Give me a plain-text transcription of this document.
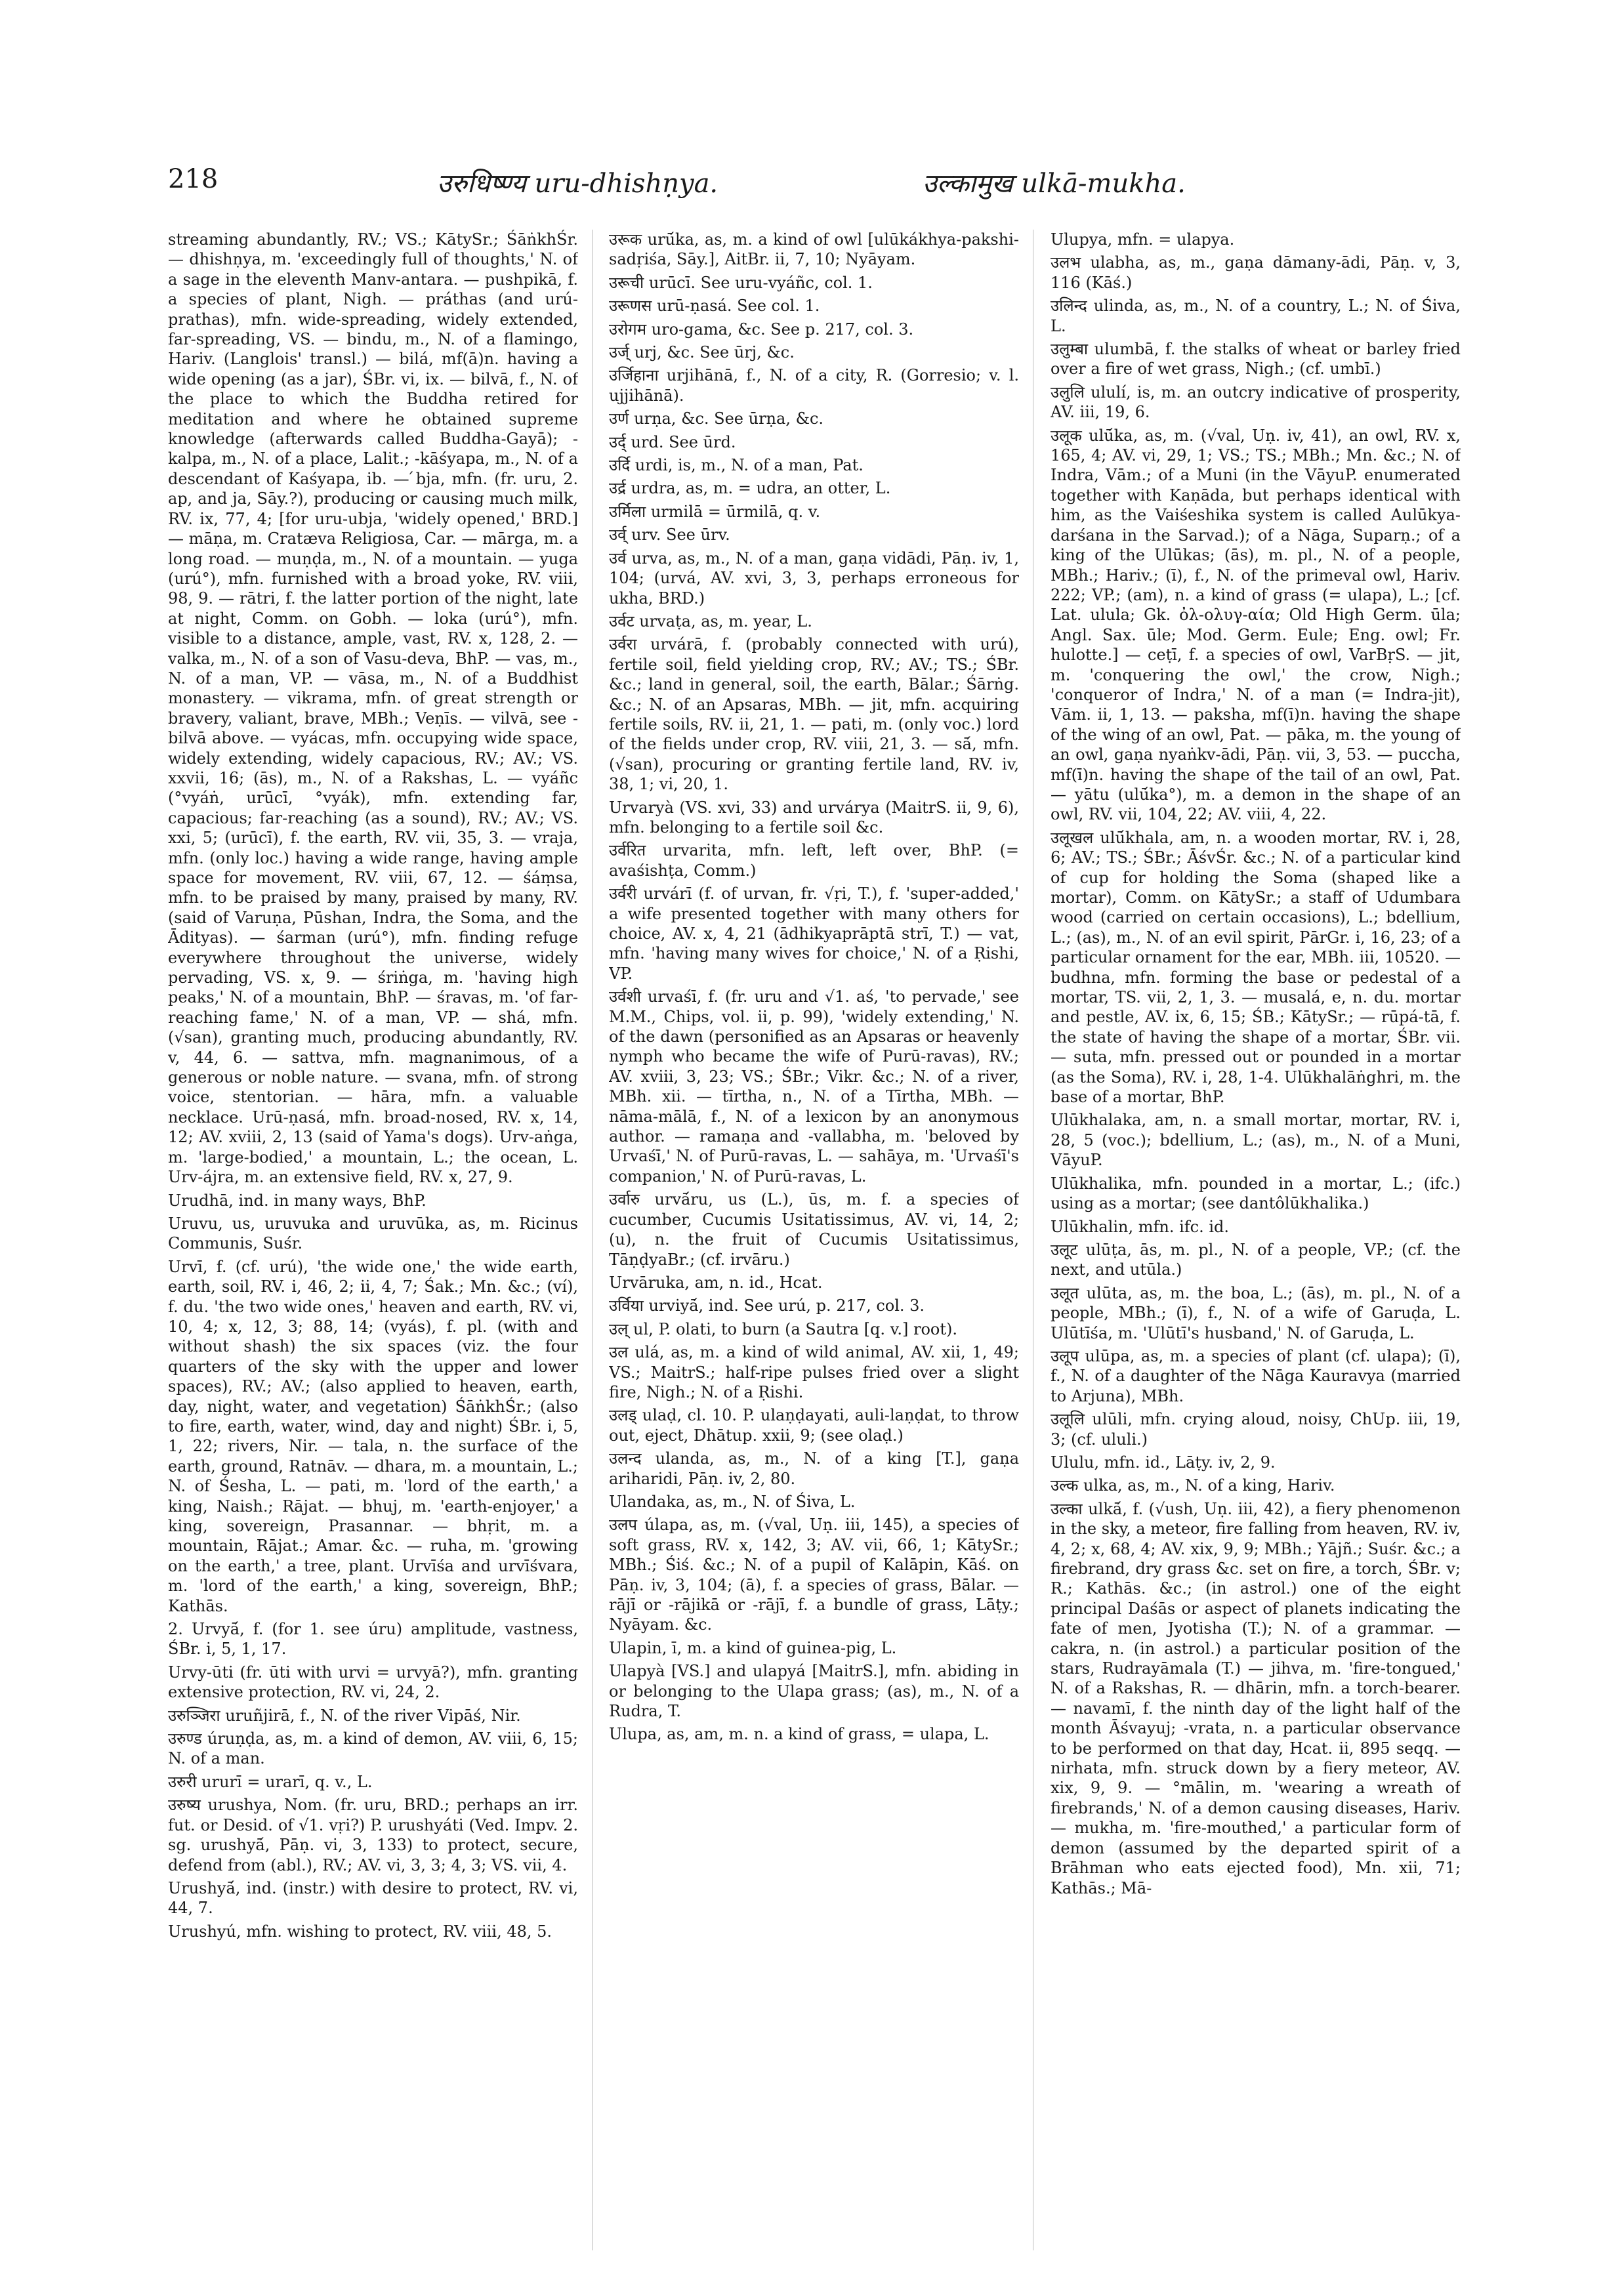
218	उरुधिष्ण्य uru-dhishṇya.	उल्कामुख ulkā-mukha.

streaming abundantly, RV.; VS.; KātySr.; ŚāṅkhŚr. — dhishṇya, m. 'exceedingly full of thoughts,' N. of a sage in the eleventh Manv-antara. — pushpikā, f. a species of plant, Nigh. — práthas (and urú-prathas), mfn. wide-spreading, widely extended, far-spreading, VS. — bindu, m., N. of a flamingo, Hariv. (Langlois' transl.) — bilá, mf(ā)n. having a wide opening (as a jar), ŚBr. vi, ix. — bilvā, f., N. of the place to which the Buddha retired for meditation and where he obtained supreme knowledge (afterwards called Buddha-Gayā); -kalpa, m., N. of a place, Lalit.; -kāśyapa, m., N. of a descendant of Kaśyapa, ib. — ́bja, mfn. (fr. uru, 2. ap, and ja, Sāy.?), producing or causing much milk, RV. ix, 77, 4; [for uru-ubja, 'widely opened,' BRD.] — māṇa, m. Cratæva Religiosa, Car. — mārga, m. a long road. — muṇḍa, m., N. of a mountain. — yuga (urú°), mfn. furnished with a broad yoke, RV. viii, 98, 9. — rātri, f. the latter portion of the night, late at night, Comm. on Gobh. — loka (urú°), mfn. visible to a distance, ample, vast, RV. x, 128, 2. — valka, m., N. of a son of Vasu-deva, BhP. — vas, m., N. of a man, VP. — vāsa, m., N. of a Buddhist monastery. — vikrama, mfn. of great strength or bravery, valiant, brave, MBh.; Veṇīs. — vilvā, see -bilvā above. — vyácas, mfn. occupying wide space, widely extending, widely capacious, RV.; AV.; VS. xxvii, 16; (ās), m., N. of a Rakshas, L. — vyáñc (°vyáṅ, urūcī, °vyák), mfn. extending far, capacious; far-reaching (as a sound), RV.; AV.; VS. xxi, 5; (urūcī), f. the earth, RV. vii, 35, 3. — vraja, mfn. (only loc.) having a wide range, having ample space for movement, RV. viii, 67, 12. — śáṃsa, mfn. to be praised by many, praised by many, RV. (said of Varuṇa, Pūshan, Indra, the Soma, and the Ādityas). — śarman (urú°), mfn. finding refuge everywhere throughout the universe, widely pervading, VS. x, 9. — śriṅga, m. 'having high peaks,' N. of a mountain, BhP. — śravas, m. 'of far-reaching fame,' N. of a man, VP. — shá, mfn. (√san), granting much, producing abundantly, RV. v, 44, 6. — sattva, mfn. magnanimous, of a generous or noble nature. — svana, mfn. of strong voice, stentorian. — hāra, mfn. a valuable necklace. Urū-ṇasá, mfn. broad-nosed, RV. x, 14, 12; AV. xviii, 2, 13 (said of Yama's dogs). Urv-aṅga, m. 'large-bodied,' a mountain, L.; the ocean, L. Urv-ájra, m. an extensive field, RV. x, 27, 9.

Urudhā, ind. in many ways, BhP.

Uruvu, us, uruvuka and uruvūka, as, m. Ricinus Communis, Suśr.

Urvī, f. (cf. urú), 'the wide one,' the wide earth, earth, soil, RV. i, 46, 2; ii, 4, 7; Śak.; Mn. &c.; (ví), f. du. 'the two wide ones,' heaven and earth, RV. vi, 10, 4; x, 12, 3; 88, 14; (vyás), f. pl. (with and without shash) the six spaces (viz. the four quarters of the sky with the upper and lower spaces), RV.; AV.; (also applied to heaven, earth, day, night, water, and vegetation) ŚāṅkhŚr.; (also to fire, earth, water, wind, day and night) ŚBr. i, 5, 1, 22; rivers, Nir. — tala, n. the surface of the earth, ground, Ratnāv. — dhara, m. a mountain, L.; N. of Śesha, L. — pati, m. 'lord of the earth,' a king, Naish.; Rājat. — bhuj, m. 'earth-enjoyer,' a king, sovereign, Prasannar. — bhṛit, m. a mountain, Rājat.; Amar. &c. — ruha, m. 'growing on the earth,' a tree, plant. Urvīśa and urvīśvara, m. 'lord of the earth,' a king, sovereign, BhP.; Kathās.

2. Urvyā́, f. (for 1. see úru) amplitude, vastness, ŚBr. i, 5, 1, 17.

Urvy-ūti (fr. ūti with urvi = urvyā?), mfn. granting extensive protection, RV. vi, 24, 2.

उरुञ्जिरा uruñjirā, f., N. of the river Vipāś, Nir.

उरुण्ड úruṇḍa, as, m. a kind of demon, AV. viii, 6, 15; N. of a man.

उरुरी ururī = urarī, q. v., L.

उरुष्य urushya, Nom. (fr. uru, BRD.; perhaps an irr. fut. or Desid. of √1. vṛi?) P. urushyáti (Ved. Impv. 2. sg. urushyā́, Pāṇ. vi, 3, 133) to protect, secure, defend from (abl.), RV.; AV. vi, 3, 3; 4, 3; VS. vii, 4.

Urushyā́, ind. (instr.) with desire to protect, RV. vi, 44, 7.

Urushyú, mfn. wishing to protect, RV. viii, 48, 5.

उरूक urū́ka, as, m. a kind of owl [ulūkákhya-pakshi-sadṛiśa, Sāy.], AitBr. ii, 7, 10; Nyāyam.

उरूची urūcī. See uru-vyáñc, col. 1.

उरूणस urū-ṇasá. See col. 1.

उरोगम uro-gama, &c. See p. 217, col. 3.

उर्ज् urj, &c. See ūrj, &c.

उर्जिहाना urjihānā, f., N. of a city, R. (Gorresio; v. l. ujjihānā).

उर्ण urṇa, &c. See ūrṇa, &c.

उर्द् urd. See ūrd.

उर्दि urdi, is, m., N. of a man, Pat.

उर्द्र urdra, as, m. = udra, an otter, L.

उर्मिला urmilā = ūrmilā, q. v.

उर्व् urv. See ūrv.

उर्व urva, as, m., N. of a man, gaṇa vidādi, Pāṇ. iv, 1, 104; (urvá, AV. xvi, 3, 3, perhaps erroneous for ukha, BRD.)

उर्वट urvaṭa, as, m. year, L.

उर्वरा urvárā, f. (probably connected with urú), fertile soil, field yielding crop, RV.; AV.; TS.; ŚBr. &c.; land in general, soil, the earth, Bālar.; Śārṅg. &c.; N. of an Apsaras, MBh. — jit, mfn. acquiring fertile soils, RV. ii, 21, 1. — pati, m. (only voc.) lord of the fields under crop, RV. viii, 21, 3. — sā́, mfn. (√san), procuring or granting fertile land, RV. iv, 38, 1; vi, 20, 1.

Urvaryà (VS. xvi, 33) and urvárya (MaitrS. ii, 9, 6), mfn. belonging to a fertile soil &c.

उर्वरित urvarita, mfn. left, left over, BhP. (= avaśishṭa, Comm.)

उर्वरी urvárī (f. of urvan, fr. √ṛi, T.), f. 'super-added,' a wife presented together with many others for choice, AV. x, 4, 21 (ādhikyaprāptā strī, T.) — vat, mfn. 'having many wives for choice,' N. of a Ṛishi, VP.

उर्वशी urvaśī, f. (fr. uru and √1. aś, 'to pervade,' see M.M., Chips, vol. ii, p. 99), 'widely extending,' N. of the dawn (personified as an Apsaras or heavenly nymph who became the wife of Purū-ravas), RV.; AV. xviii, 3, 23; VS.; ŚBr.; Vikr. &c.; N. of a river, MBh. xii. — tīrtha, n., N. of a Tīrtha, MBh. — nāma-mālā, f., N. of a lexicon by an anonymous author. — ramaṇa and -vallabha, m. 'beloved by Urvaśī,' N. of Purū-ravas, L. — sahāya, m. 'Urvaśī's companion,' N. of Purū-ravas, L.

उर्वारु urvā́ru, us (L.), ūs, m. f. a species of cucumber, Cucumis Usitatissimus, AV. vi, 14, 2; (u), n. the fruit of Cucumis Usitatissimus, TāṇḍyaBr.; (cf. irvāru.)

Urvāruka, am, n. id., Hcat.

उर्विया urviyā́, ind. See urú, p. 217, col. 3.

उल् ul, P. olati, to burn (a Sautra [q. v.] root).

उल ulá, as, m. a kind of wild animal, AV. xii, 1, 49; VS.; MaitrS.; half-ripe pulses fried over a slight fire, Nigh.; N. of a Ṛishi.

उलड् ulaḍ, cl. 10. P. ulaṇḍayati, auli-laṇḍat, to throw out, eject, Dhātup. xxii, 9; (see olaḍ.)

उलन्द ulanda, as, m., N. of a king [T.], gaṇa ariharidi, Pāṇ. iv, 2, 80.

Ulandaka, as, m., N. of Śiva, L.

उलप úlapa, as, m. (√val, Uṇ. iii, 145), a species of soft grass, RV. x, 142, 3; AV. vii, 66, 1; KātySr.; MBh.; Śiś. &c.; N. of a pupil of Kalāpin, Kāś. on Pāṇ. iv, 3, 104; (ā), f. a species of grass, Bālar. — rājī or -rājikā or -rājī, f. a bundle of grass, Lāṭy.; Nyāyam. &c.

Ulapin, ī, m. a kind of guinea-pig, L.

Ulapyà [VS.] and ulapyá [MaitrS.], mfn. abiding in or belonging to the Ulapa grass; (as), m., N. of a Rudra, T.

Ulupa, as, am, m. n. a kind of grass, = ulapa, L.

Ulupya, mfn. = ulapya.

उलभ ulabha, as, m., gaṇa dāmany-ādi, Pāṇ. v, 3, 116 (Kāś.)

उलिन्द ulinda, as, m., N. of a country, L.; N. of Śiva, L.

उलुम्बा ulumbā, f. the stalks of wheat or barley fried over a fire of wet grass, Nigh.; (cf. umbī.)

उलुलि ululí, is, m. an outcry indicative of prosperity, AV. iii, 19, 6.

उलूक ulū́ka, as, m. (√val, Uṇ. iv, 41), an owl, RV. x, 165, 4; AV. vi, 29, 1; VS.; TS.; MBh.; Mn. &c.; N. of Indra, Vām.; of a Muni (in the VāyuP. enumerated together with Kaṇāda, but perhaps identical with him, as the Vaiśeshika system is called Aulūkya-darśana in the Sarvad.); of a Nāga, Suparṇ.; of a king of the Ulūkas; (ās), m. pl., N. of a people, MBh.; Hariv.; (ī), f., N. of the primeval owl, Hariv. 222; VP.; (am), n. a kind of grass (= ulapa), L.; [cf. Lat. ulula; Gk. ὀλ-ολυγ-αία; Old High Germ. ūla; Angl. Sax. ūle; Mod. Germ. Eule; Eng. owl; Fr. hulotte.] — ceṭī, f. a species of owl, VarBṛS. — jit, m. 'conquering the owl,' the crow, Nigh.; 'conqueror of Indra,' N. of a man (= Indra-jit), Vām. ii, 1, 13. — paksha, mf(ī)n. having the shape of the wing of an owl, Pat. — pāka, m. the young of an owl, gaṇa nyaṅkv-ādi, Pāṇ. vii, 3, 53. — puccha, mf(ī)n. having the shape of the tail of an owl, Pat. — yātu (ulū́ka°), m. a demon in the shape of an owl, RV. vii, 104, 22; AV. viii, 4, 22.

उलूखल ulū́khala, am, n. a wooden mortar, RV. i, 28, 6; AV.; TS.; ŚBr.; ĀśvŚr. &c.; N. of a particular kind of cup for holding the Soma (shaped like a mortar), Comm. on KātySr.; a staff of Udumbara wood (carried on certain occasions), L.; bdellium, L.; (as), m., N. of an evil spirit, PārGr. i, 16, 23; of a particular ornament for the ear, MBh. iii, 10520. — budhna, mfn. forming the base or pedestal of a mortar, TS. vii, 2, 1, 3. — musalá, e, n. du. mortar and pestle, AV. ix, 6, 15; ŚB.; KātySr.; — rūpá-tā, f. the state of having the shape of a mortar, ŚBr. vii. — suta, mfn. pressed out or pounded in a mortar (as the Soma), RV. i, 28, 1-4. Ulūkhalāṅghri, m. the base of a mortar, BhP.

Ulūkhalaka, am, n. a small mortar, mortar, RV. i, 28, 5 (voc.); bdellium, L.; (as), m., N. of a Muni, VāyuP.

Ulūkhalika, mfn. pounded in a mortar, L.; (ifc.) using as a mortar; (see dantôlūkhalika.)

Ulūkhalin, mfn. ifc. id.

उलूट ulūṭa, ās, m. pl., N. of a people, VP.; (cf. the next, and utūla.)

उलूत ulūta, as, m. the boa, L.; (ās), m. pl., N. of a people, MBh.; (ī), f., N. of a wife of Garuḍa, L. Ulūtīśa, m. 'Ulūtī's husband,' N. of Garuḍa, L.

उलूप ulūpa, as, m. a species of plant (cf. ulapa); (ī), f., N. of a daughter of the Nāga Kauravya (married to Arjuna), MBh.

उलूलि ulūli, mfn. crying aloud, noisy, ChUp. iii, 19, 3; (cf. ululi.)

Ululu, mfn. id., Lāṭy. iv, 2, 9.

उल्क ulka, as, m., N. of a king, Hariv.

उल्का ulkā́, f. (√ush, Uṇ. iii, 42), a fiery phenomenon in the sky, a meteor, fire falling from heaven, RV. iv, 4, 2; x, 68, 4; AV. xix, 9, 9; MBh.; Yājñ.; Suśr. &c.; a firebrand, dry grass &c. set on fire, a torch, ŚBr. v; R.; Kathās. &c.; (in astrol.) one of the eight principal Daśās or aspect of planets indicating the fate of men, Jyotisha (T.); N. of a grammar. — cakra, n. (in astrol.) a particular position of the stars, Rudrayāmala (T.) — jihva, m. 'fire-tongued,' N. of a Rakshas, R. — dhārin, mfn. a torch-bearer. — navamī, f. the ninth day of the light half of the month Āśvayuj; -vrata, n. a particular observance to be performed on that day, Hcat. ii, 895 seqq. — nirhata, mfn. struck down by a fiery meteor, AV. xix, 9, 9. — °mālin, m. 'wearing a wreath of firebrands,' N. of a demon causing diseases, Hariv. — mukha, m. 'fire-mouthed,' a particular form of demon (assumed by the departed spirit of a Brāhman who eats ejected food), Mn. xii, 71; Kathās.; Mā-
